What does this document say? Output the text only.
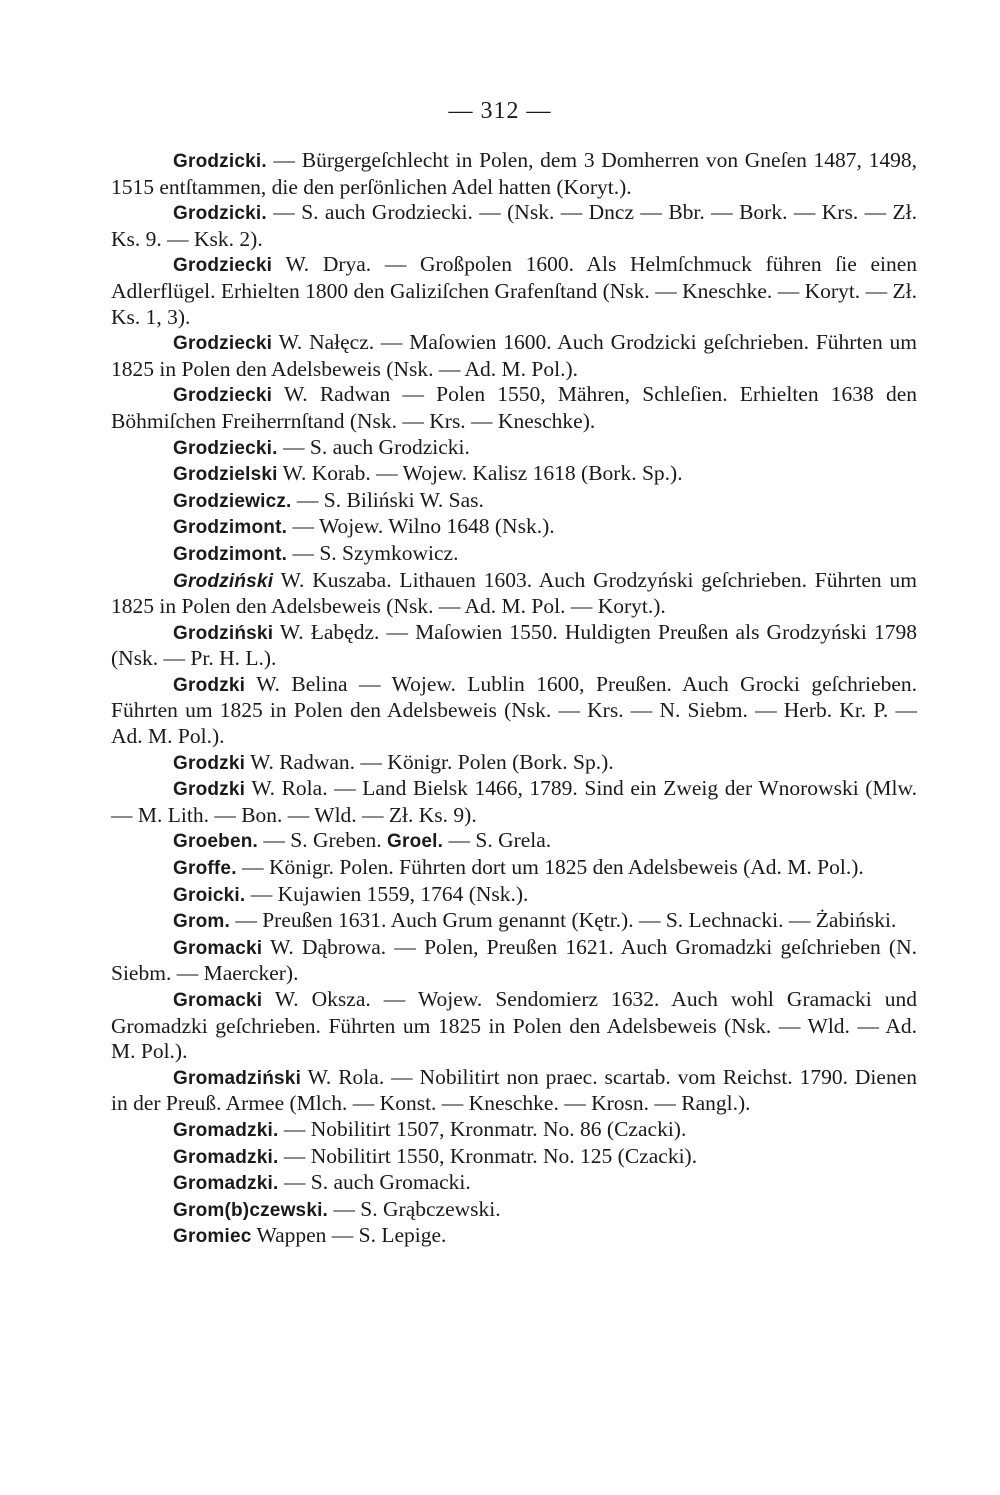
— 312 —

Grodzicki. — Bürgergeſchlecht in Polen, dem 3 Domherren von Gneſen 1487, 1498, 1515 entſtammen, die den perſönlichen Adel hatten (Koryt.).

Grodzicki. — S. auch Grodziecki. — (Nsk. — Dncz — Bbr. — Bork. — Krs. — Zł. Ks. 9. — Ksk. 2).

Grodziecki W. Drya. — Großpolen 1600. Als Helmſchmuck führen ſie einen Adlerflügel. Erhielten 1800 den Galiziſchen Grafenſtand (Nsk. — Kneschke. — Koryt. — Zł. Ks. 1, 3).

Grodziecki W. Nałęcz. — Maſowien 1600. Auch Grodzicki geſchrieben. Führten um 1825 in Polen den Adelsbeweis (Nsk. — Ad. M. Pol.).

Grodziecki W. Radwan — Polen 1550, Mähren, Schleſien. Erhielten 1638 den Böhmiſchen Freiherrnſtand (Nsk. — Krs. — Kneschke).

Grodziecki. — S. auch Grodzicki.

Grodzielski W. Korab. — Wojew. Kalisz 1618 (Bork. Sp.).

Grodziewicz. — S. Biliński W. Sas.

Grodzimont. — Wojew. Wilno 1648 (Nsk.).

Grodzimont. — S. Szymkowicz.

Grodziński W. Kuszaba. Lithauen 1603. Auch Grodzyński geſchrieben. Führten um 1825 in Polen den Adelsbeweis (Nsk. — Ad. M. Pol. — Koryt.).

Grodziński W. Łabędz. — Maſowien 1550. Huldigten Preußen als Grodzyński 1798 (Nsk. — Pr. H. L.).

Grodzki W. Belina — Wojew. Lublin 1600, Preußen. Auch Grocki geſchrieben. Führten um 1825 in Polen den Adelsbeweis (Nsk. — Krs. — N. Siebm. — Herb. Kr. P. — Ad. M. Pol.).

Grodzki W. Radwan. — Königr. Polen (Bork. Sp.).

Grodzki W. Rola. — Land Bielsk 1466, 1789. Sind ein Zweig der Wnorowski (Mlw. — M. Lith. — Bon. — Wld. — Zł. Ks. 9).

Groeben. — S. Greben. Groel. — S. Grela.

Groffe. — Königr. Polen. Führten dort um 1825 den Adelsbeweis (Ad. M. Pol.).

Groicki. — Kujawien 1559, 1764 (Nsk.).

Grom. — Preußen 1631. Auch Grum genannt (Kętr.). — S. Lechnacki. — Żabiński.

Gromacki W. Dąbrowa. — Polen, Preußen 1621. Auch Gromadzki geſchrieben (N. Siebm. — Maercker).

Gromacki W. Oksza. — Wojew. Sendomierz 1632. Auch wohl Gramacki und Gromadzki geſchrieben. Führten um 1825 in Polen den Adelsbeweis (Nsk. — Wld. — Ad. M. Pol.).

Gromadziński W. Rola. — Nobilitirt non praec. scartab. vom Reichst. 1790. Dienen in der Preuß. Armee (Mlch. — Konst. — Kneschke. — Krosn. — Rangl.).

Gromadzki. — Nobilitirt 1507, Kronmatr. No. 86 (Czacki).

Gromadzki. — Nobilitirt 1550, Kronmatr. No. 125 (Czacki).

Gromadzki. — S. auch Gromacki.

Grom(b)czewski. — S. Grąbczewski.

Gromiec Wappen — S. Lepige.
